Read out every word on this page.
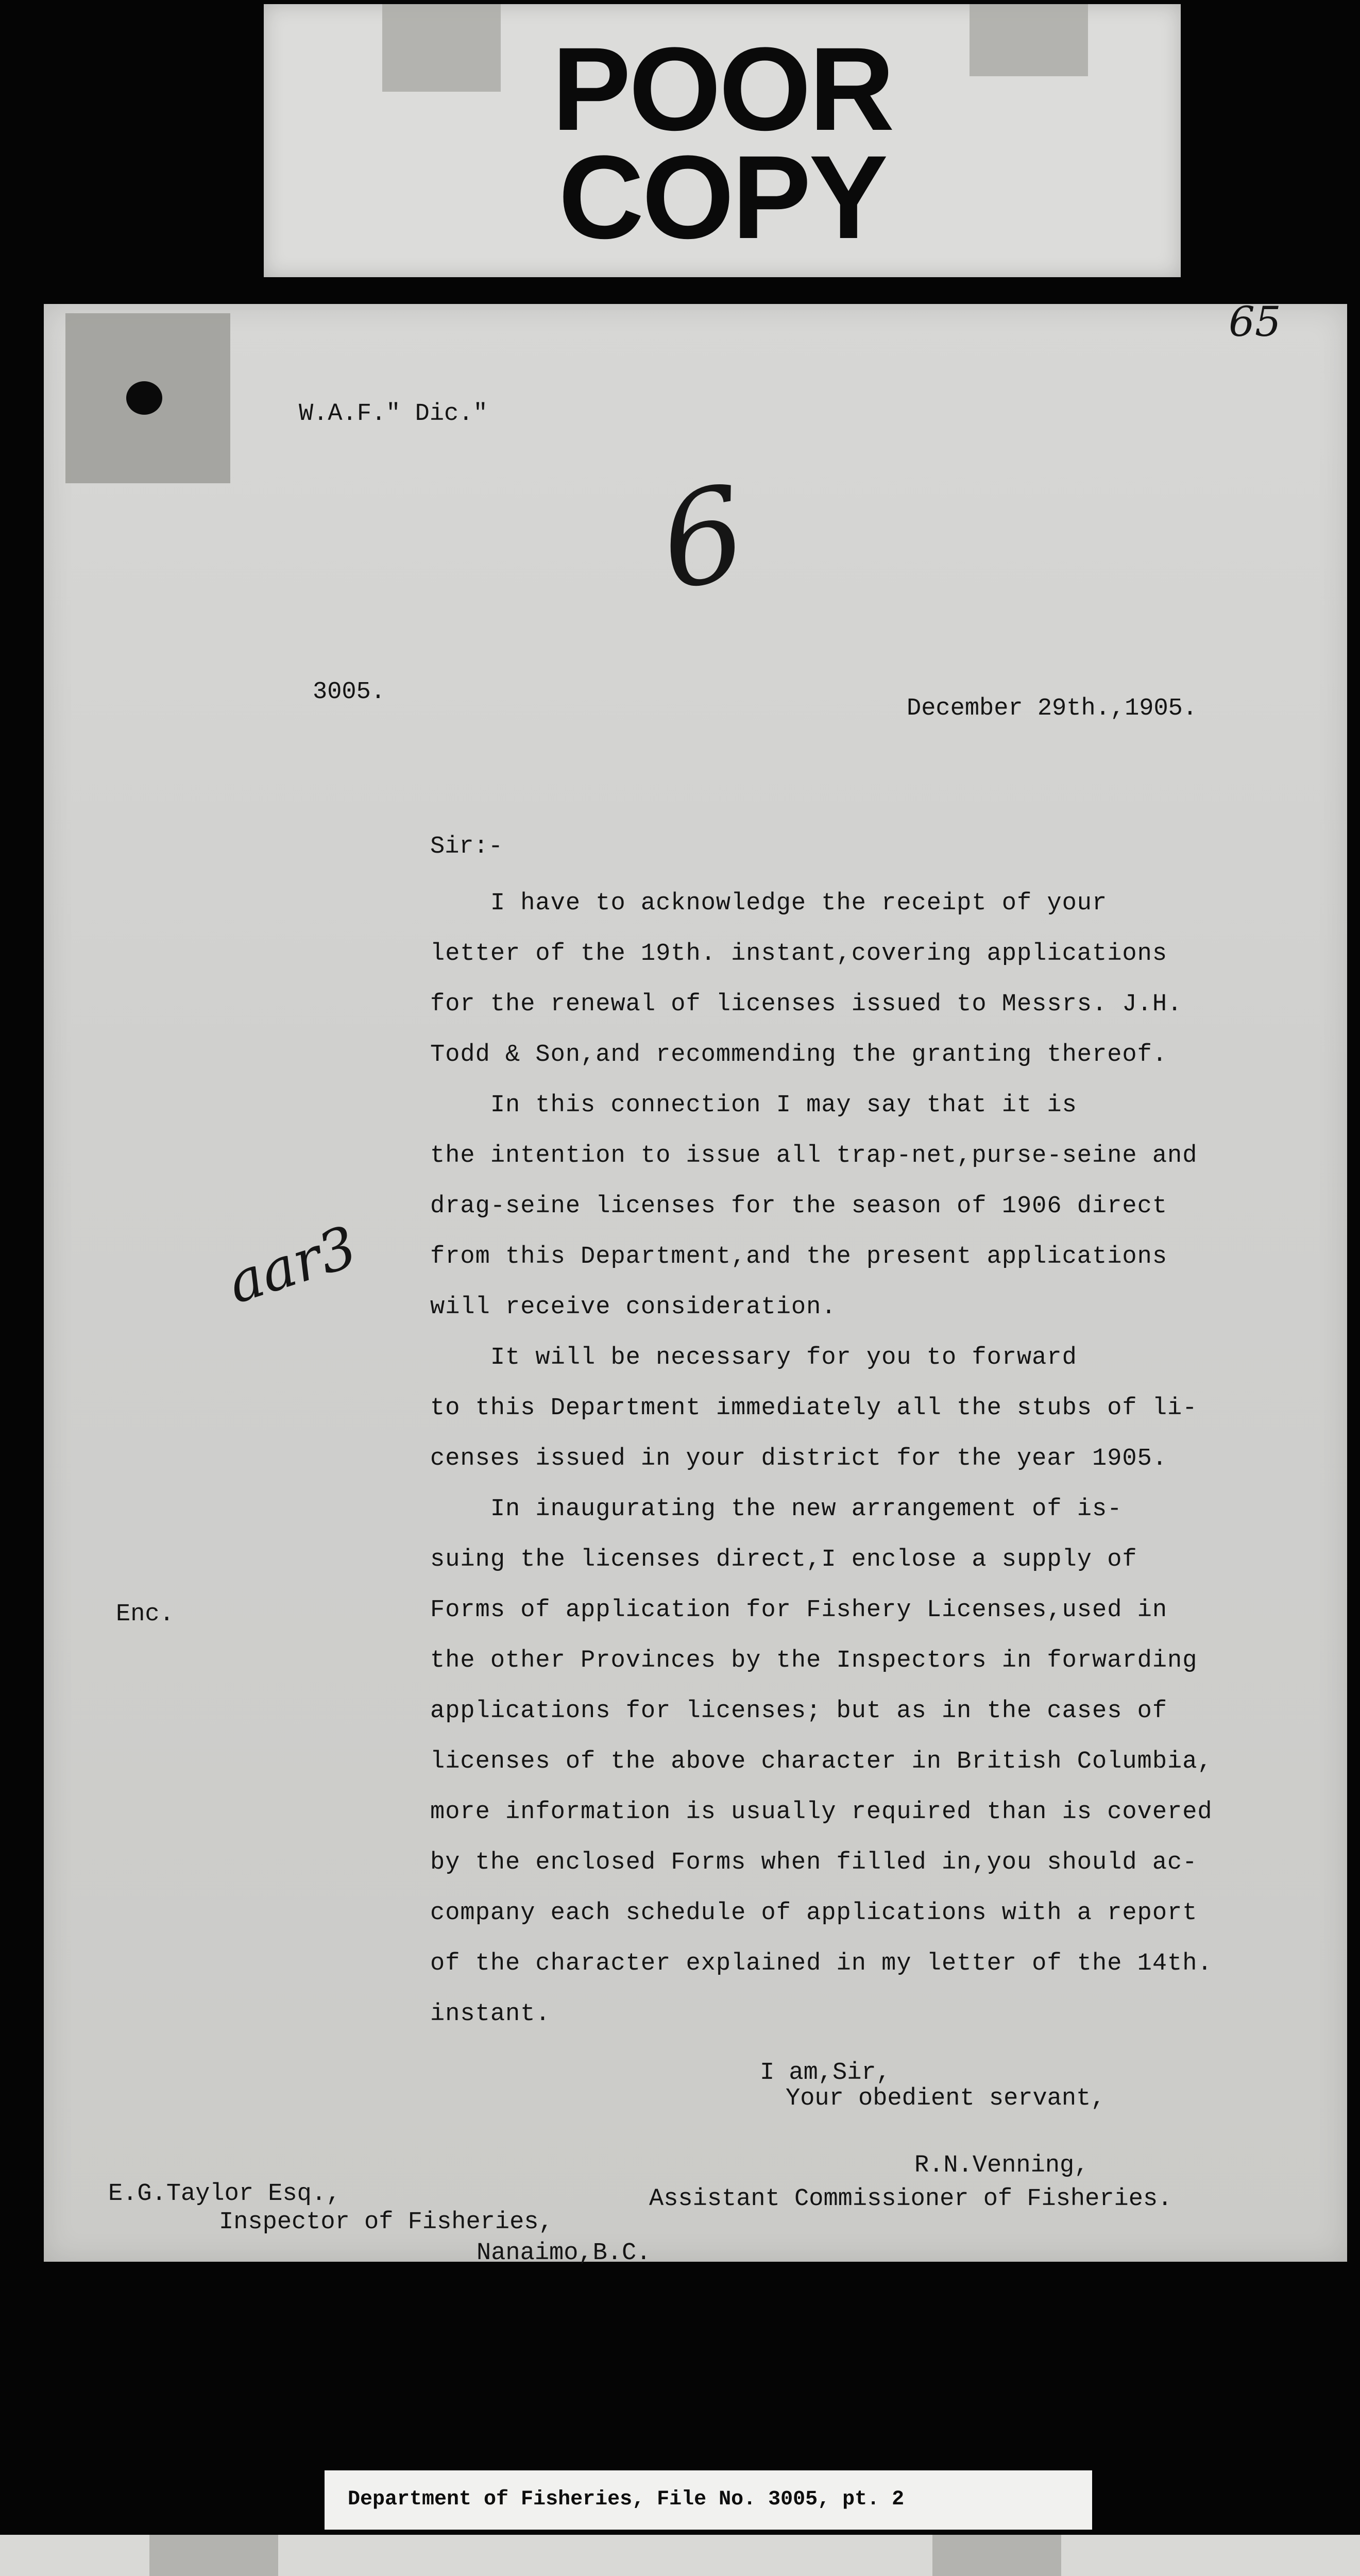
POOR
COPY
65
W.A.F." Dic."
6
3005.
December 29th.,1905.
Sir:-
aar3
Enc.
I have to acknowledge the receipt of your
letter of the 19th. instant,covering applications
for the renewal of licenses issued to Messrs. J.H.
Todd & Son,and recommending the granting thereof.
In this connection I may say that it is
the intention to issue all trap-net,purse-seine and
drag-seine licenses for the season of 1906 direct
from this Department,and the present applications
will receive consideration.
It will be necessary for you to forward
to this Department immediately all the stubs of li-
censes issued in your district for the year 1905.
In inaugurating the new arrangement of is-
suing the licenses direct,I enclose a supply of
Forms of application for Fishery Licenses,used in
the other Provinces by the Inspectors in forwarding
applications for licenses; but as in the cases of
licenses of the above character in British Columbia,
more information is usually required than is covered
by the enclosed Forms when filled in,you should ac-
company each schedule of applications with a report
of the character explained in my letter of the 14th.
instant.
I am,Sir,
Your obedient servant,
R.N.Venning,
Assistant Commissioner of Fisheries.
E.G.Taylor Esq.,
Inspector of Fisheries,
Nanaimo,B.C.
Department of Fisheries, File No. 3005, pt. 2
